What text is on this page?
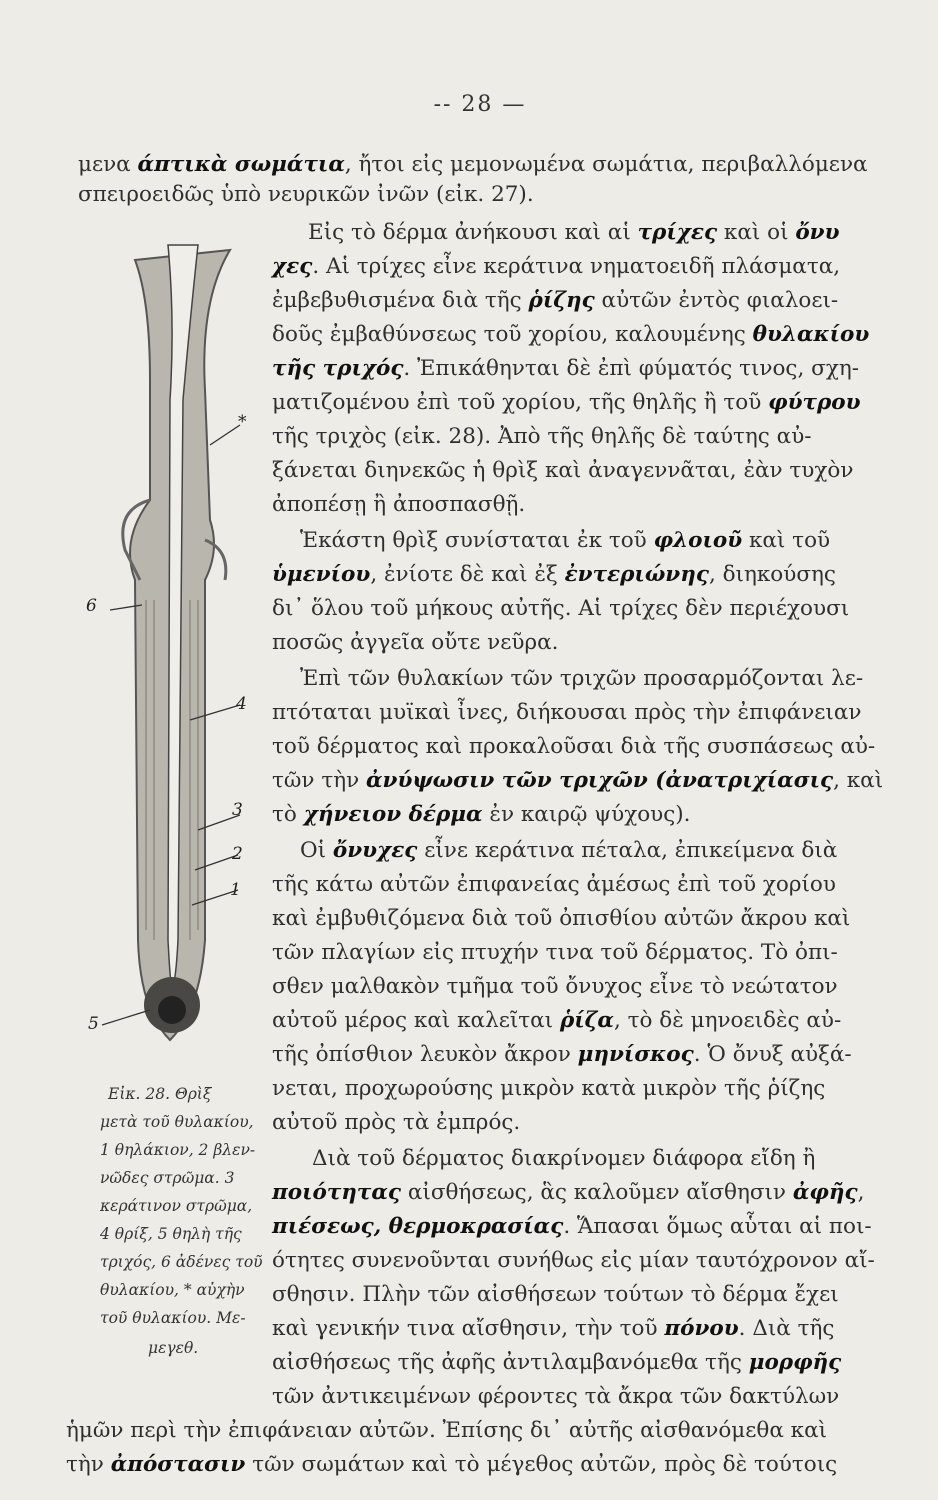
-- 28 —
μενα άπτικὰ σωμάτια, ἤτοι εἰς μεμονωμένα σωμάτια, περιβαλλόμενα
σπειροειδῶς ὑπὸ νευρικῶν ἰνῶν (εἰκ. 27).
Εἰς τὸ δέρμα ἀνήκουσι καὶ αἱ τρίχες καὶ οἱ ὄνυ
χες. Αἱ τρίχες εἶνε κεράτινα νηματοειδῆ πλάσματα,
ἐμβεβυθισμένα διὰ τῆς ῥίζης αὐτῶν ἐντὸς φιαλοει-
δοῦς ἐμβαθύνσεως τοῦ χορίου, καλουμένης θυλακίου
τῆς τριχός. Ἐπικάθηνται δὲ ἐπὶ φύματός τινος, σχη-
ματιζομένου ἐπὶ τοῦ χορίου, τῆς θηλῆς ἢ τοῦ φύτρου
τῆς τριχὸς (εἰκ. 28). Ἀπὸ τῆς θηλῆς δὲ ταύτης αὐ-
ξάνεται διηνεκῶς ἡ θρὶξ καὶ ἀναγεννᾶται, ἐὰν τυχὸν
ἀποπέσῃ ἢ ἀποσπασθῇ.
Ἑκάστη θρὶξ συνίσταται ἐκ τοῦ φλοιοῦ καὶ τοῦ
ὑμενίου, ἐνίοτε δὲ καὶ ἐξ ἐντεριώνης, διηκούσης
δι᾽ ὅλου τοῦ μήκους αὐτῆς. Αἱ τρίχες δὲν περιέχουσι
ποσῶς ἀγγεῖα οὔτε νεῦρα.
Ἐπὶ τῶν θυλακίων τῶν τριχῶν προσαρμόζονται λε-
πτόταται μυϊκαὶ ἶνες, διήκουσαι πρὸς τὴν ἐπιφάνειαν
τοῦ δέρματος καὶ προκαλοῦσαι διὰ τῆς συσπάσεως αὐ-
τῶν τὴν ἀνύψωσιν τῶν τριχῶν (ἀνατριχίασις, καὶ
τὸ χήνειον δέρμα ἐν καιρῷ ψύχους).
Οἱ ὄνυχες εἶνε κεράτινα πέταλα, ἐπικείμενα διὰ
τῆς κάτω αὐτῶν ἐπιφανείας ἀμέσως ἐπὶ τοῦ χορίου
καὶ ἐμβυθιζόμενα διὰ τοῦ ὀπισθίου αὐτῶν ἄκρου καὶ
τῶν πλαγίων εἰς πτυχήν τινα τοῦ δέρματος. Τὸ ὀπι-
σθεν μαλθακὸν τμῆμα τοῦ ὄνυχος εἶνε τὸ νεώτατον
αὐτοῦ μέρος καὶ καλεῖται ῥίζα, τὸ δὲ μηνοειδὲς αὐ-
τῆς ὀπίσθιον λευκὸν ἄκρον μηνίσκος. Ὁ ὄνυξ αὐξά-
νεται, προχωρούσης μικρὸν κατὰ μικρὸν τῆς ῥίζης
αὐτοῦ πρὸς τὰ ἐμπρός.
Διὰ τοῦ δέρματος διακρίνομεν διάφορα εἴδη ἢ
ποιότητας αἰσθήσεως, ἃς καλοῦμεν αἴσθησιν ἀφῆς,
πιέσεως, θερμοκρασίας. Ἅπασαι ὅμως αὗται αἱ ποι-
ότητες συνενοῦνται συνήθως εἰς μίαν ταυτόχρονον αἴ-
σθησιν. Πλὴν τῶν αἰσθήσεων τούτων τὸ δέρμα ἔχει
καὶ γενικήν τινα αἴσθησιν, τὴν τοῦ πόνου. Διὰ τῆς
αἰσθήσεως τῆς ἀφῆς ἀντιλαμβανόμεθα τῆς μορφῆς
τῶν ἀντικειμένων φέροντες τὰ ἄκρα τῶν δακτύλων
ἡμῶν περὶ τὴν ἐπιφάνειαν αὐτῶν. Ἐπίσης δι᾽ αὐτῆς αἰσθανόμεθα καὶ
τὴν ἀπόστασιν τῶν σωμάτων καὶ τὸ μέγεθος αὐτῶν, πρὸς δὲ τούτοις
6
4
3
2
1
5
*
Εἰκ. 28. Θρὶξ
μετὰ τοῦ θυλακίου,
1 θηλάκιον, 2 βλεν-
νῶδες στρῶμα. 3
κεράτινον στρῶμα,
4 θρίξ, 5 θηλὴ τῆς
τριχός, 6 ἀδένες τοῦ
θυλακίου, * αὐχὴν
τοῦ θυλακίου. Με-
μεγεθ.
